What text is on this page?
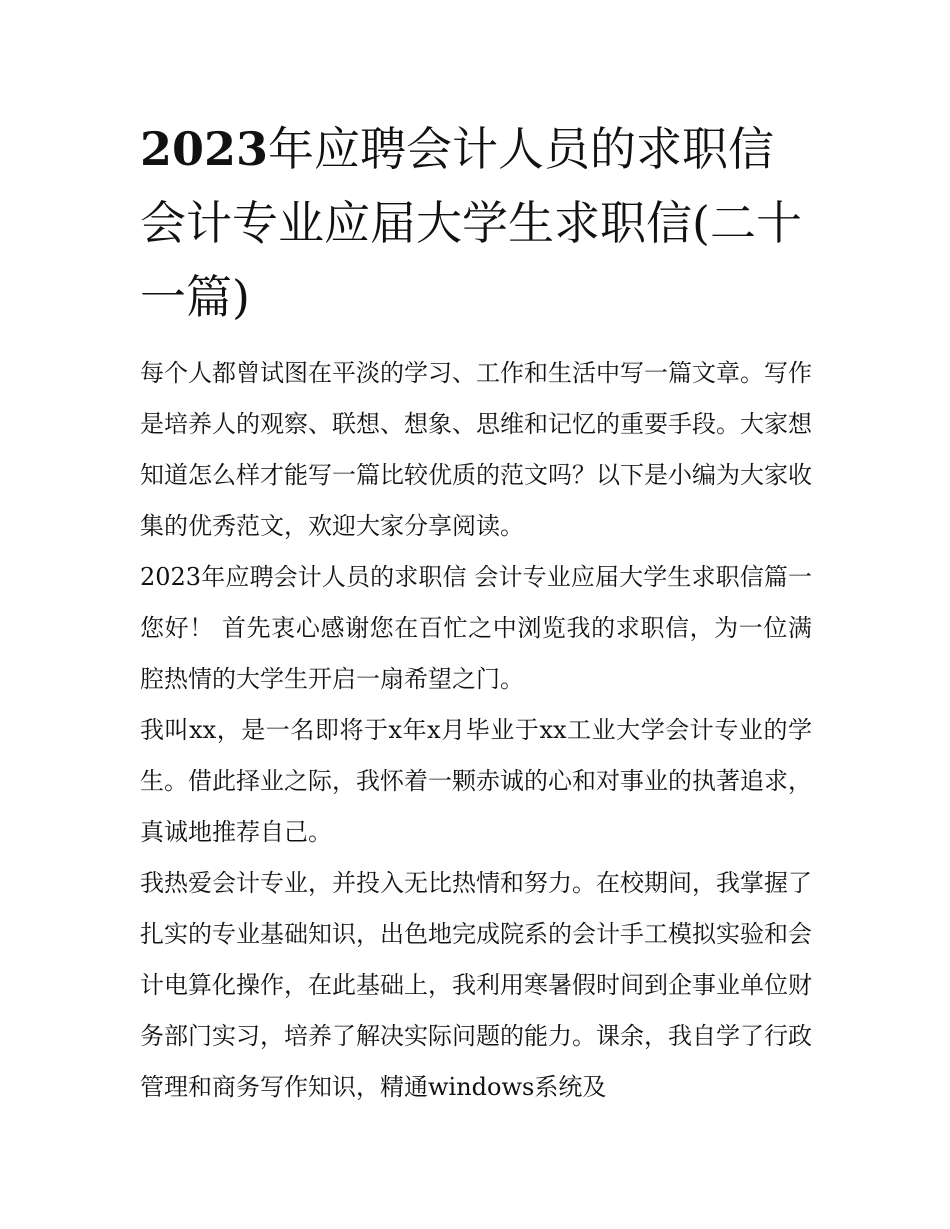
2023年应聘会计人员的求职信 会计专业应届大学生求职信(二十一篇)

每个人都曾试图在平淡的学习、工作和生活中写一篇文章。写作是培养人的观察、联想、想象、思维和记忆的重要手段。大家想知道怎么样才能写一篇比较优质的范文吗？以下是小编为大家收集的优秀范文，欢迎大家分享阅读。

2023年应聘会计人员的求职信 会计专业应届大学生求职信篇一 您好！ 首先衷心感谢您在百忙之中浏览我的求职信，为一位满腔热情的大学生开启一扇希望之门。

我叫xx，是一名即将于x年x月毕业于xx工业大学会计专业的学生。借此择业之际，我怀着一颗赤诚的心和对事业的执著追求，真诚地推荐自己。

我热爱会计专业，并投入无比热情和努力。在校期间，我掌握了扎实的专业基础知识，出色地完成院系的会计手工模拟实验和会计电算化操作，在此基础上，我利用寒暑假时间到企事业单位财务部门实习，培养了解决实际问题的能力。课余，我自学了行政管理和商务写作知识，精通windows系统及
